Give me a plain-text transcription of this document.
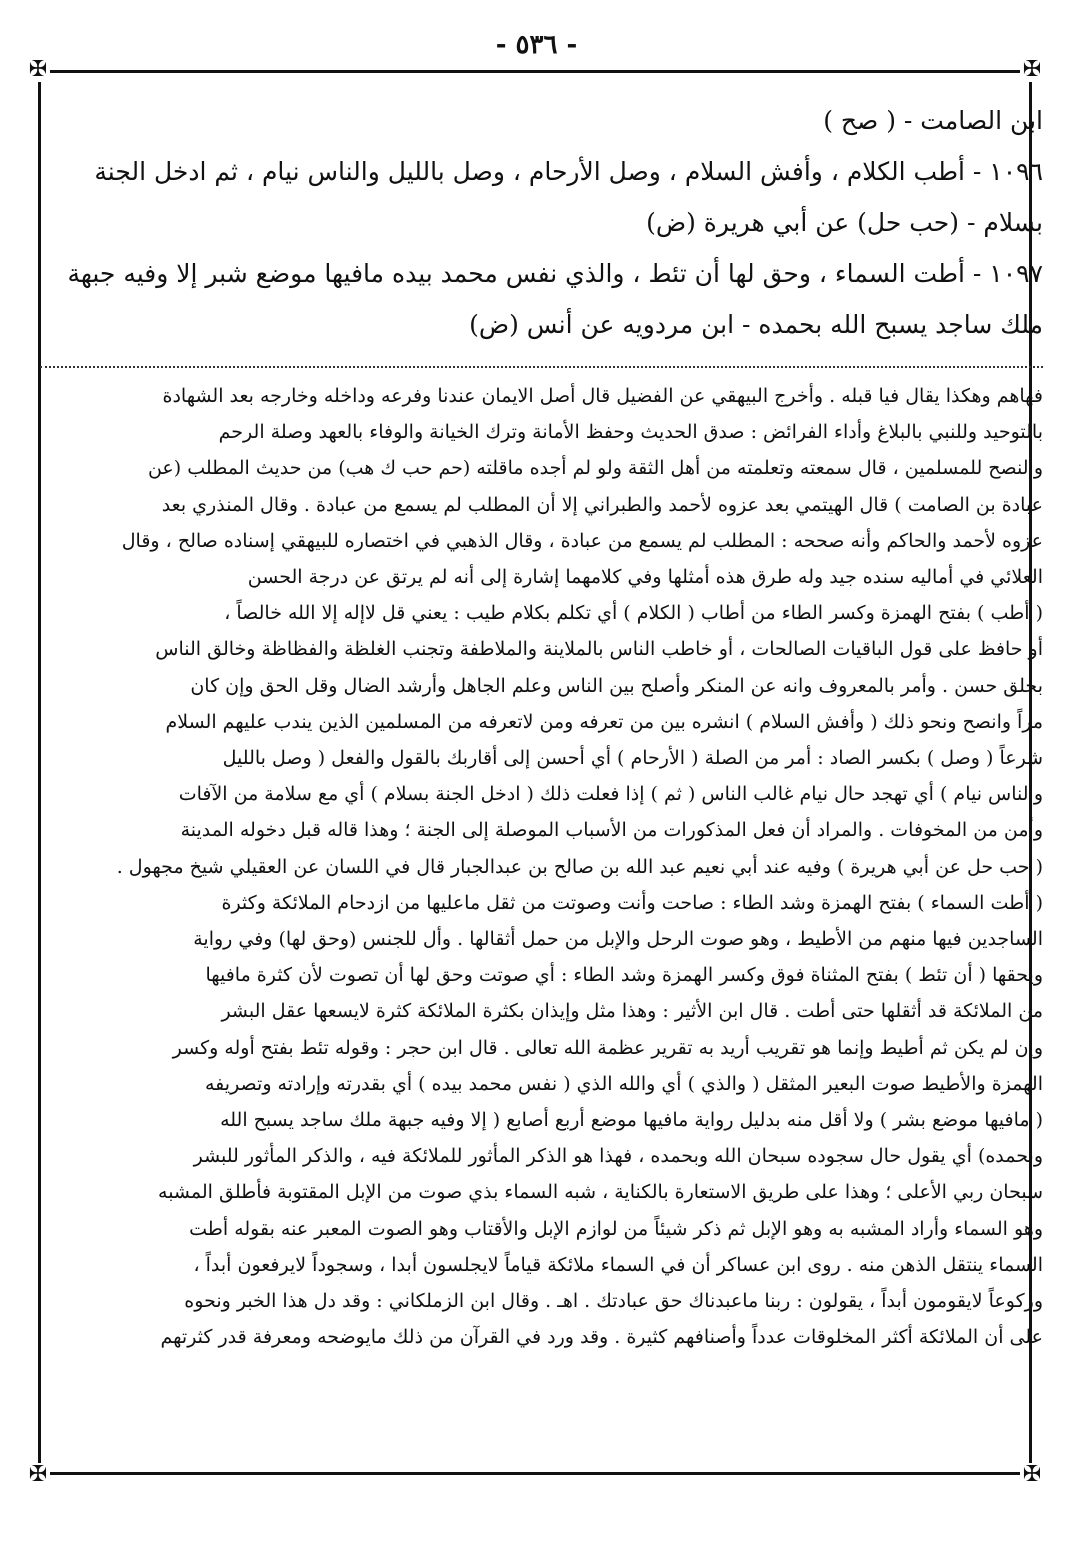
- ٥٣٦ -
✠	✠
✠	✠
ابن الصامت - ( صح )
١٠٩٦ - أطب الكلام ، وأفش السلام ، وصل الأرحام ، وصل بالليل والناس نيام ، ثم ادخل الجنة
بسلام - (حب حل) عن أبي هريرة (ض)
١٠٩٧ - أطت السماء ، وحق لها أن تئط ، والذي نفس محمد بيده مافيها موضع شبر إلا وفيه جبهة
ملك ساجد يسبح الله بحمده - ابن مردويه عن أنس (ض)
فهاهم وهكذا يقال فيا قبله . وأخرج البيهقي عن الفضيل قال أصل الايمان عندنا وفرعه وداخله وخارجه بعد الشهادة
بالتوحيد وللنبي بالبلاغ وأداء الفرائض : صدق الحديث وحفظ الأمانة وترك الخيانة والوفاء بالعهد وصلة الرحم
والنصح للمسلمين ، قال سمعته وتعلمته من أهل الثقة ولو لم أجده ماقلته (حم حب ك هب) من حديث المطلب (عن
عبادة بن الصامت ) قال الهيتمي بعد عزوه لأحمد والطبراني إلا أن المطلب لم يسمع من عبادة . وقال المنذري بعد
عزوه لأحمد والحاكم وأنه صححه : المطلب لم يسمع من عبادة ، وقال الذهبي في اختصاره للبيهقي إسناده صالح ، وقال
العلائي في أماليه سنده جيد وله طرق هذه أمثلها وفي كلامهما إشارة إلى أنه لم يرتق عن درجة الحسن
( أطب ) بفتح الهمزة وكسر الطاء من أطاب ( الكلام ) أي تكلم بكلام طيب : يعني قل لاإله إلا الله خالصاً ،
أو حافظ على قول الباقيات الصالحات ، أو خاطب الناس بالملاينة والملاطفة وتجنب الغلظة والفظاظة وخالق الناس
بخلق حسن . وأمر بالمعروف وانه عن المنكر وأصلح بين الناس وعلم الجاهل وأرشد الضال وقل الحق وإن كان
مراً وانصح ونحو ذلك ( وأفش السلام ) انشره بين من تعرفه ومن لاتعرفه من المسلمين الذين يندب عليهم السلام
شرعاً ( وصل ) بكسر الصاد : أمر من الصلة ( الأرحام ) أي أحسن إلى أقاربك بالقول والفعل ( وصل بالليل
والناس نيام ) أي تهجد حال نيام غالب الناس ( ثم ) إذا فعلت ذلك ( ادخل الجنة بسلام ) أي مع سلامة من الآفات
وأمن من المخوفات . والمراد أن فعل المذكورات من الأسباب الموصلة إلى الجنة ؛ وهذا قاله قبل دخوله المدينة
( حب حل عن أبي هريرة ) وفيه عند أبي نعيم عبد الله بن صالح بن عبدالجبار قال في اللسان عن العقيلي شيخ مجهول .
( أطت السماء ) بفتح الهمزة وشد الطاء : صاحت وأنت وصوتت من ثقل ماعليها من ازدحام الملائكة وكثرة
الساجدين فيها منهم من الأطيط ، وهو صوت الرحل والإبل من حمل أثقالها . وأل للجنس (وحق لها) وفي رواية
ويحقها ( أن تئط ) بفتح المثناة فوق وكسر الهمزة وشد الطاء : أي صوتت وحق لها أن تصوت لأن كثرة مافيها
من الملائكة قد أثقلها حتى أطت . قال ابن الأثير : وهذا مثل وإيذان بكثرة الملائكة كثرة لايسعها عقل البشر
وإن لم يكن ثم أطيط وإنما هو تقريب أريد به تقرير عظمة الله تعالى . قال ابن حجر : وقوله تئط بفتح أوله وكسر
الهمزة والأطيط صوت البعير المثقل ( والذي ) أي والله الذي ( نفس محمد بيده ) أي بقدرته وإرادته وتصريفه
( مافيها موضع بشر ) ولا أقل منه بدليل رواية مافيها موضع أربع أصابع ( إلا وفيه جبهة ملك ساجد يسبح الله
وبحمده) أي يقول حال سجوده سبحان الله وبحمده ، فهذا هو الذكر المأثور للملائكة فيه ، والذكر المأثور للبشر
سبحان ربي الأعلى ؛ وهذا على طريق الاستعارة بالكناية ، شبه السماء بذي صوت من الإبل المقتوبة فأطلق المشبه
وهو السماء وأراد المشبه به وهو الإبل ثم ذكر شيئاً من لوازم الإبل والأقتاب وهو الصوت المعبر عنه بقوله أطت
السماء ينتقل الذهن منه . روى ابن عساكر أن في السماء ملائكة قياماً لايجلسون أبدا ، وسجوداً لايرفعون أبداً ،
وركوعاً لايقومون أبداً ، يقولون : ربنا ماعبدناك حق عبادتك . اهـ . وقال ابن الزملكاني : وقد دل هذا الخبر ونحوه
على أن الملائكة أكثر المخلوقات عدداً وأصنافهم كثيرة . وقد ورد في القرآن من ذلك مايوضحه ومعرفة قدر كثرتهم
